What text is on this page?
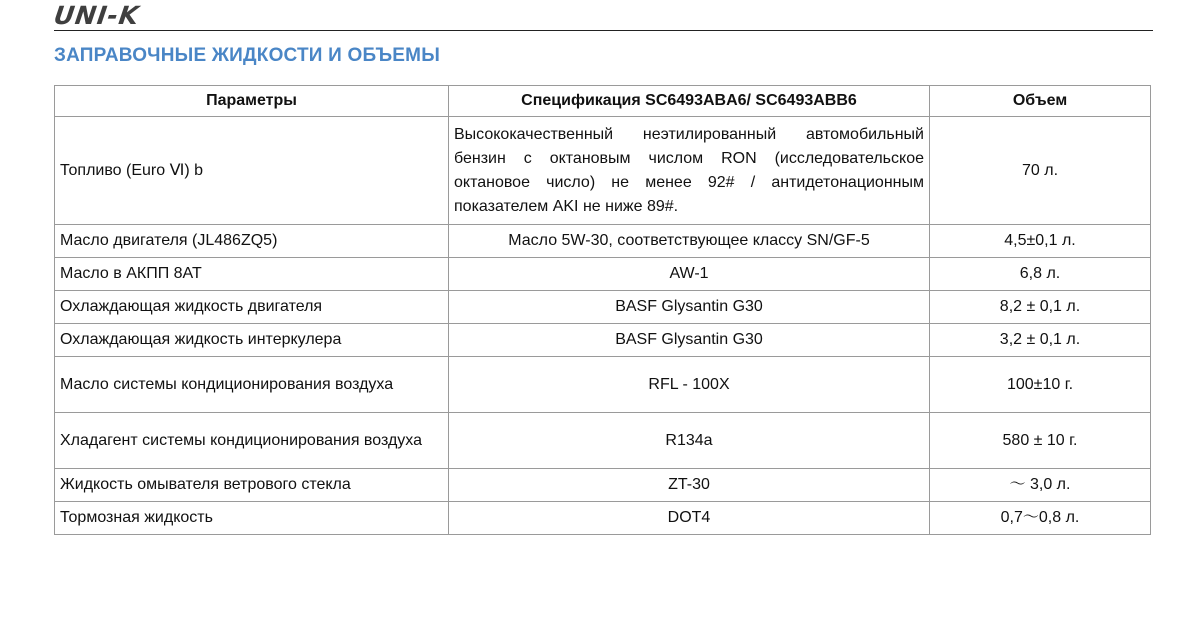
UNI-K
ЗАПРАВОЧНЫЕ ЖИДКОСТИ И ОБЪЕМЫ
Параметры	Спецификация SC6493ABA6/ SC6493ABB6	Объем
Топливо (Euro Ⅵ) b	Высококачественный неэтилированный автомобильный бензин с октановым числом RON (исследовательское октановое число) не менее 92# / антидетонационным показателем AKI не ниже 89#.	70 л.
Масло двигателя (JL486ZQ5)	Масло 5W-30, соответствующее классу SN/GF-5	4,5±0,1 л.
Масло в АКПП 8AT	AW-1	6,8 л.
Охлаждающая жидкость двигателя	BASF Glysantin G30	8,2 ± 0,1 л.
Охлаждающая жидкость интеркулера	BASF Glysantin G30	3,2 ± 0,1 л.
Масло системы кондиционирования воздуха	RFL - 100X	100±10 г.
Хладагент системы кондиционирования воздуха	R134a	580 ± 10 г.
Жидкость омывателя ветрового стекла	ZT-30	～ 3,0 л.
Тормозная жидкость	DOT4	0,7～0,8 л.
